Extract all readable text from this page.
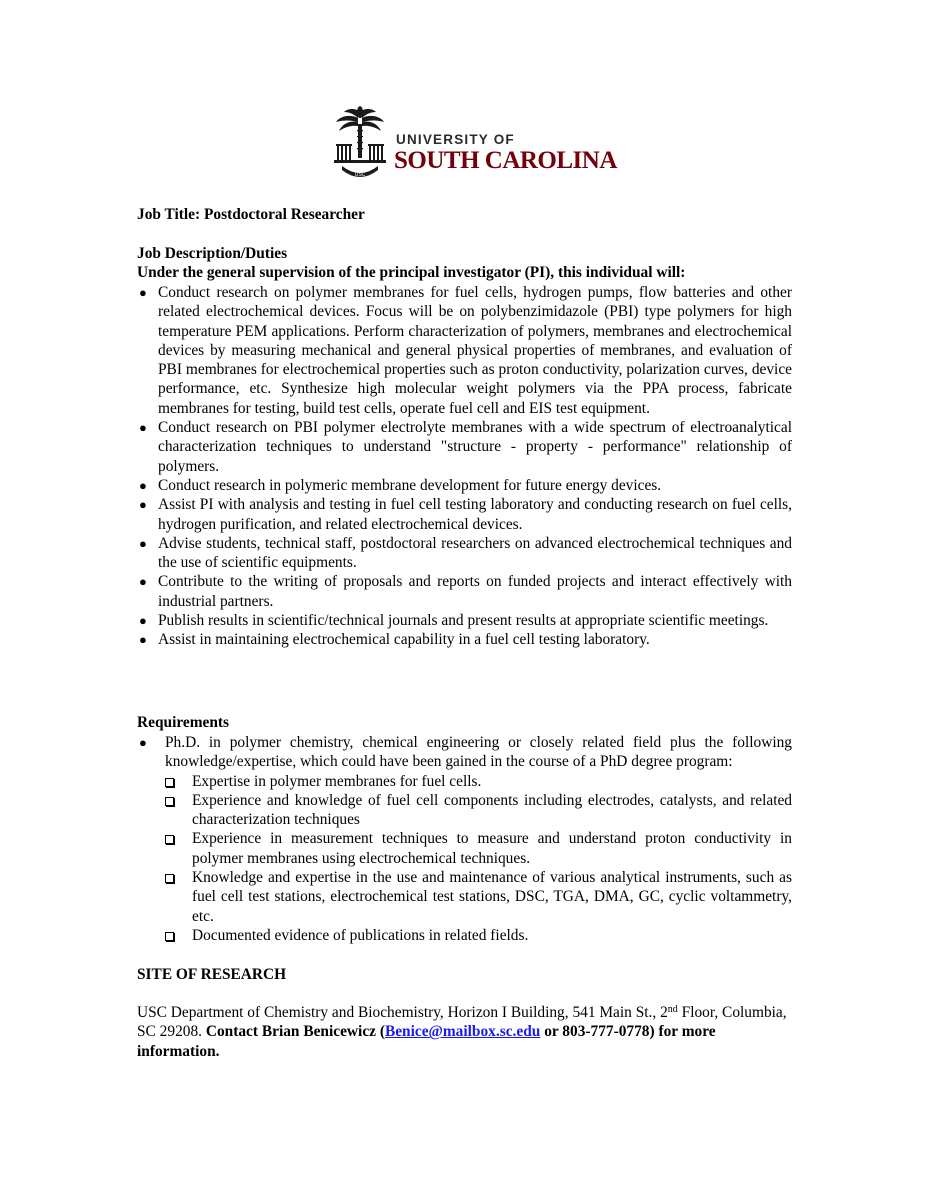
USC
UNIVERSITY OF
SOUTH CAROLINA
Job Title: Postdoctoral Researcher
Job Description/Duties
Under the general supervision of the principal investigator (PI), this individual will:
● Conduct research on polymer membranes for fuel cells, hydrogen pumps, flow batteries and other related electrochemical devices. Focus will be on polybenzimidazole (PBI) type polymers for high temperature PEM applications. Perform characterization of polymers, membranes and electrochemical devices by measuring mechanical and general physical properties of membranes, and evaluation of PBI membranes for electrochemical properties such as proton conductivity, polarization curves, device performance, etc. Synthesize high molecular weight polymers via the PPA process, fabricate membranes for testing, build test cells, operate fuel cell and EIS test equipment.
● Conduct research on PBI polymer electrolyte membranes with a wide spectrum of electroanalytical characterization techniques to understand "structure - property - performance" relationship of polymers.
● Conduct research in polymeric membrane development for future energy devices.
● Assist PI with analysis and testing in fuel cell testing laboratory and conducting research on fuel cells, hydrogen purification, and related electrochemical devices.
● Advise students, technical staff, postdoctoral researchers on advanced electrochemical techniques and the use of scientific equipments.
● Contribute to the writing of proposals and reports on funded projects and interact effectively with industrial partners.
● Publish results in scientific/technical journals and present results at appropriate scientific meetings.
● Assist in maintaining electrochemical capability in a fuel cell testing laboratory.
Requirements
● Ph.D. in polymer chemistry, chemical engineering or closely related field plus the following knowledge/expertise, which could have been gained in the course of a PhD degree program:
Expertise in polymer membranes for fuel cells.
Experience and knowledge of fuel cell components including electrodes, catalysts, and related characterization techniques
Experience in measurement techniques to measure and understand proton conductivity in polymer membranes using electrochemical techniques.
Knowledge and expertise in the use and maintenance of various analytical instruments, such as fuel cell test stations, electrochemical test stations, DSC, TGA, DMA, GC, cyclic voltammetry, etc.
Documented evidence of publications in related fields.
SITE OF RESEARCH
USC Department of Chemistry and Biochemistry, Horizon I Building, 541 Main St., 2nd Floor, Columbia, SC 29208. Contact Brian Benicewicz (Benice@mailbox.sc.edu or 803-777-0778) for more information.
